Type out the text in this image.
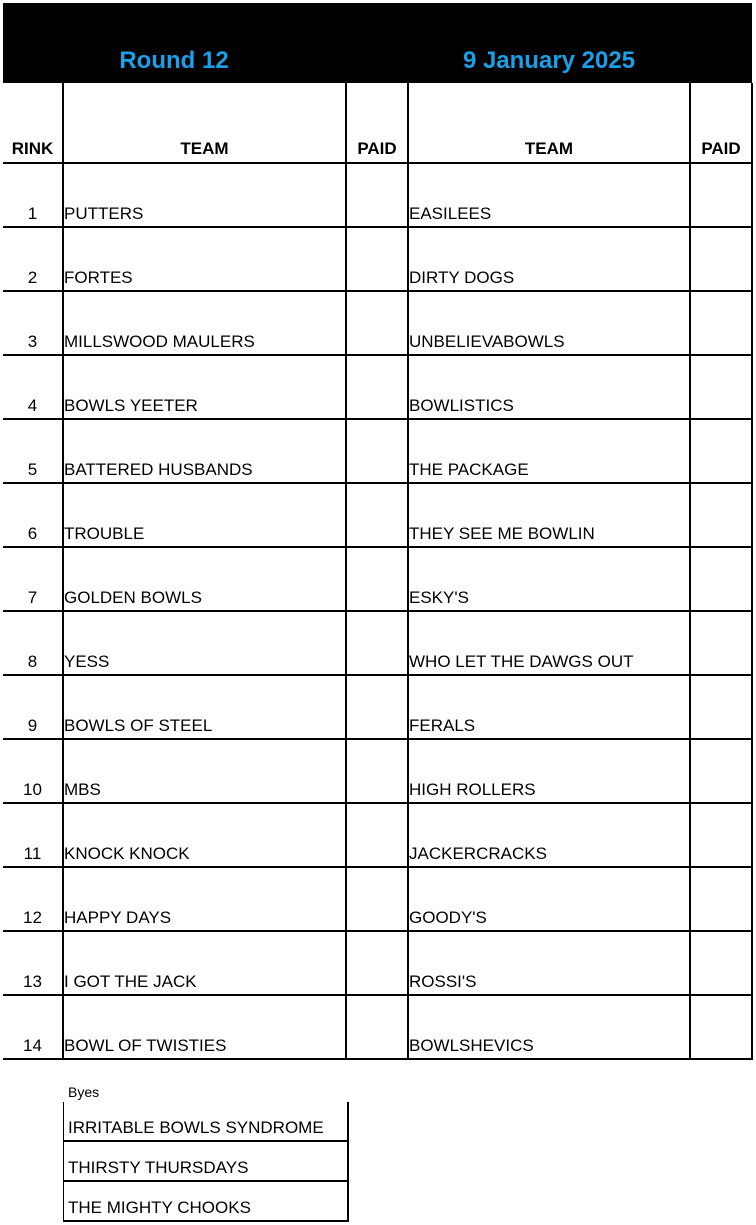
Round 12	9 January 2025
RINK	TEAM	PAID	TEAM	PAID
1	PUTTERS		EASILEES	
2	FORTES		DIRTY DOGS	
3	MILLSWOOD MAULERS		UNBELIEVABOWLS	
4	BOWLS YEETER		BOWLISTICS	
5	BATTERED HUSBANDS		THE PACKAGE	
6	TROUBLE		THEY SEE ME BOWLIN	
7	GOLDEN BOWLS		ESKY'S	
8	YESS		WHO LET THE DAWGS OUT	
9	BOWLS OF STEEL		FERALS	
10	MBS		HIGH ROLLERS	
11	KNOCK KNOCK		JACKERCRACKS	
12	HAPPY DAYS		GOODY'S	
13	I GOT THE JACK		ROSSI'S	
14	BOWL OF TWISTIES		BOWLSHEVICS	
Byes
IRRITABLE BOWLS SYNDROME
THIRSTY THURSDAYS
THE MIGHTY CHOOKS
